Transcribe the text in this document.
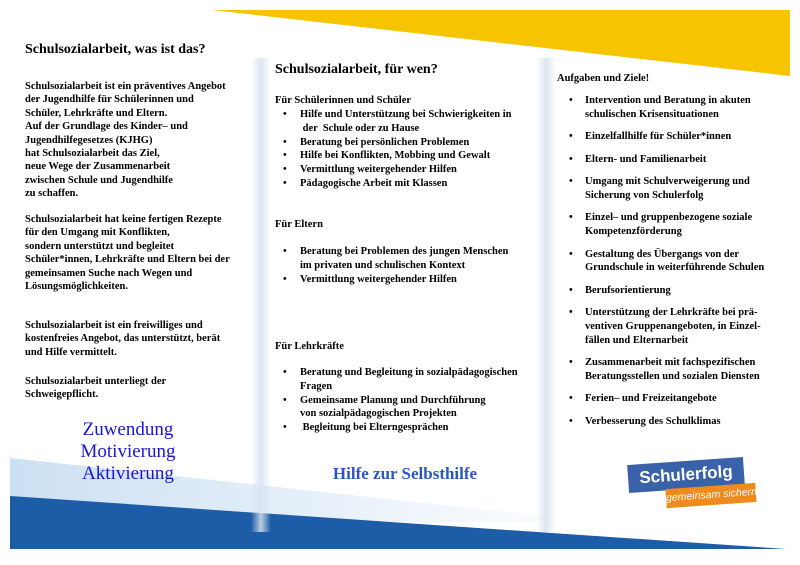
Schulsozialarbeit, was ist das?

Schulsozialarbeit ist ein präventives Angebot
der Jugendhilfe für Schülerinnen und
Schüler, Lehrkräfte und Eltern.
Auf der Grundlage des Kinder– und
Jugendhilfegesetzes (KJHG)
hat Schulsozialarbeit das Ziel,
neue Wege der Zusammenarbeit
zwischen Schule und Jugendhilfe
zu schaffen.

Schulsozialarbeit hat keine fertigen Rezepte
für den Umgang mit Konflikten,
sondern unterstützt und begleitet
Schüler*innen, Lehrkräfte und Eltern bei der
gemeinsamen Suche nach Wegen und
Lösungsmöglichkeiten.

Schulsozialarbeit ist ein freiwilliges und
kostenfreies Angebot, das unterstützt, berät
und Hilfe vermittelt.

Schulsozialarbeit unterliegt der
Schweigepflicht.

Zuwendung
Motivierung
Aktivierung
Schulsozialarbeit, für wen?
Für Schülerinnen und Schüler
• Hilfe und Unterstützung bei Schwierigkeiten in
der  Schule oder zu Hause
• Beratung bei persönlichen Problemen
• Hilfe bei Konflikten, Mobbing und Gewalt
• Vermittlung weitergehender Hilfen
• Pädagogische Arbeit mit Klassen
Für Eltern
• Beratung bei Problemen des jungen Menschen
im privaten und schulischen Kontext
• Vermittlung weitergehender Hilfen
Für Lehrkräfte
• Beratung und Begleitung in sozialpädagogischen
Fragen
• Gemeinsame Planung und Durchführung
von sozialpädagogischen Projekten
•  Begleitung bei Elterngesprächen
Hilfe zur Selbsthilfe
Aufgaben und Ziele!
• Intervention und Beratung in akuten
schulischen Krisensituationen
• Einzelfallhilfe für Schüler*innen
• Eltern- und Familienarbeit
• Umgang mit Schulverweigerung und
Sicherung von Schulerfolg
• Einzel– und gruppenbezogene soziale
Kompetenzförderung
• Gestaltung des Übergangs von der
Grundschule in weiterführende Schulen
• Berufsorientierung
• Unterstützung der Lehrkräfte bei prä-
ventiven Gruppenangeboten, in Einzel-
fällen und Elternarbeit
• Zusammenarbeit mit fachspezifischen
Beratungsstellen und sozialen Diensten
• Ferien– und Freizeitangebote
• Verbesserung des Schulklimas
Schulerfolg
gemeinsam sichern
